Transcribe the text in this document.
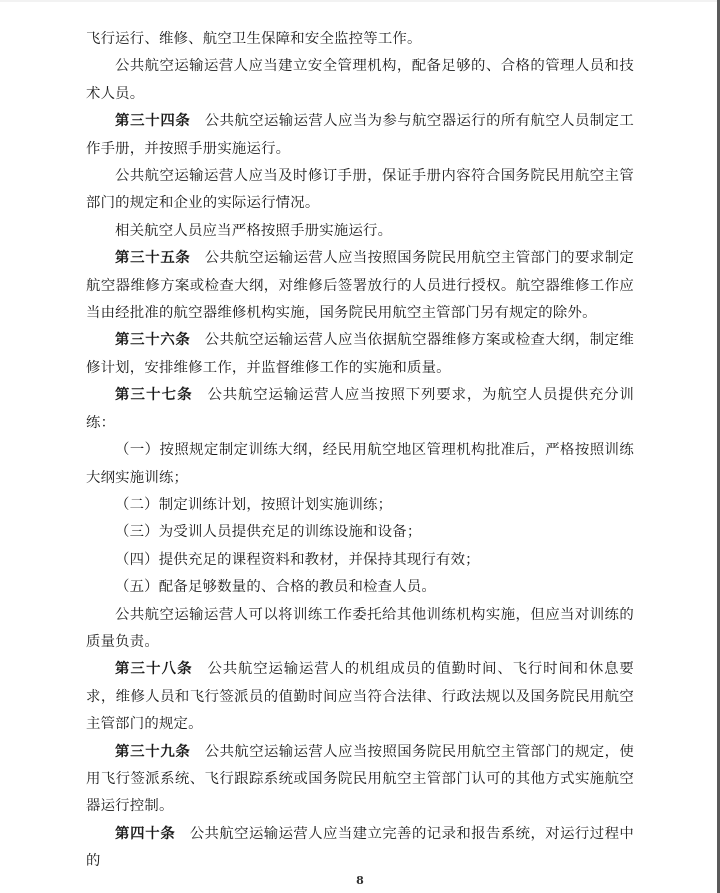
飞行运行、维修、航空卫生保障和安全监控等工作。

公共航空运输运营人应当建立安全管理机构，配备足够的、合格的管理人员和技术人员。

第三十四条 公共航空运输运营人应当为参与航空器运行的所有航空人员制定工作手册，并按照手册实施运行。

公共航空运输运营人应当及时修订手册，保证手册内容符合国务院民用航空主管部门的规定和企业的实际运行情况。

相关航空人员应当严格按照手册实施运行。

第三十五条 公共航空运输运营人应当按照国务院民用航空主管部门的要求制定航空器维修方案或检查大纲，对维修后签署放行的人员进行授权。航空器维修工作应当由经批准的航空器维修机构实施，国务院民用航空主管部门另有规定的除外。

第三十六条 公共航空运输运营人应当依据航空器维修方案或检查大纲，制定维修计划，安排维修工作，并监督维修工作的实施和质量。

第三十七条 公共航空运输运营人应当按照下列要求，为航空人员提供充分训练：

（一）按照规定制定训练大纲，经民用航空地区管理机构批准后，严格按照训练大纲实施训练；

（二）制定训练计划，按照计划实施训练；

（三）为受训人员提供充足的训练设施和设备；

（四）提供充足的课程资料和教材，并保持其现行有效；

（五）配备足够数量的、合格的教员和检查人员。

公共航空运输运营人可以将训练工作委托给其他训练机构实施，但应当对训练的质量负责。

第三十八条 公共航空运输运营人的机组成员的值勤时间、飞行时间和休息要求，维修人员和飞行签派员的值勤时间应当符合法律、行政法规以及国务院民用航空主管部门的规定。

第三十九条 公共航空运输运营人应当按照国务院民用航空主管部门的规定，使用飞行签派系统、飞行跟踪系统或国务院民用航空主管部门认可的其他方式实施航空器运行控制。

第四十条 公共航空运输运营人应当建立完善的记录和报告系统，对运行过程中的

8
